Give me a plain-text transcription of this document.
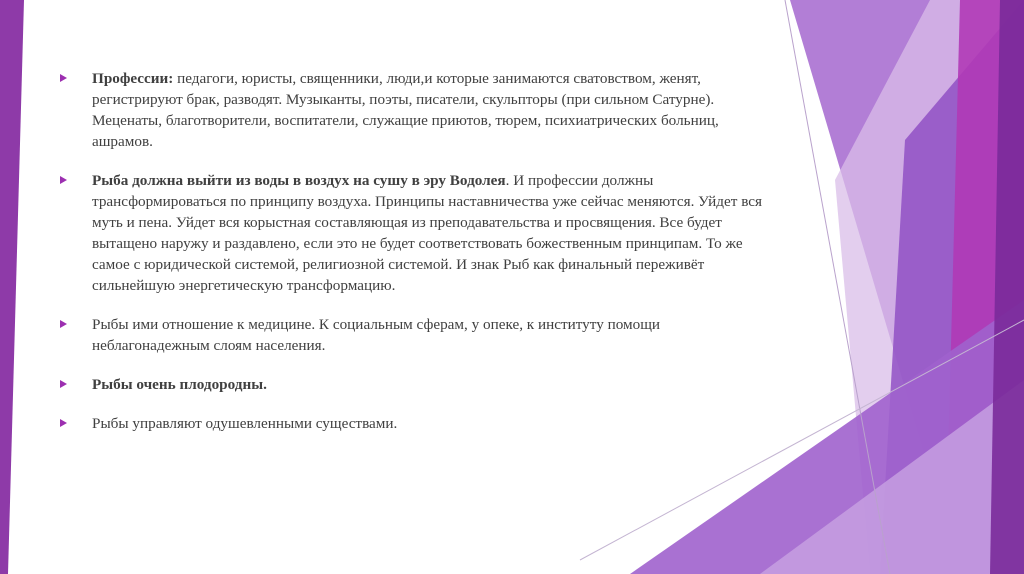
Профессии: педагоги, юристы, священники, люди,и которые занимаются сватовством, женят, регистрируют брак, разводят. Музыканты, поэты, писатели, скульпторы (при сильном Сатурне). Меценаты, благотворители, воспитатели, служащие приютов, тюрем, психиатрических больниц, ашрамов.
Рыба должна выйти из воды в воздух на сушу в эру Водолея. И профессии должны трансформироваться по принципу воздуха. Принципы наставничества уже сейчас меняются. Уйдет вся муть и пена. Уйдет вся корыстная составляющая из преподавательства и просвящения. Все будет вытащено наружу и раздавлено, если это не будет соответствовать божественным принципам. То же самое с юридической системой, религиозной системой. И знак Рыб как финальный переживёт сильнейшую энергетическую трансформацию.
Рыбы ими отношение к медицине. К социальным сферам, у опеке, к институту помощи неблагонадежным слоям населения.
Рыбы очень плодородны.
Рыбы управляют одушевленными существами.
